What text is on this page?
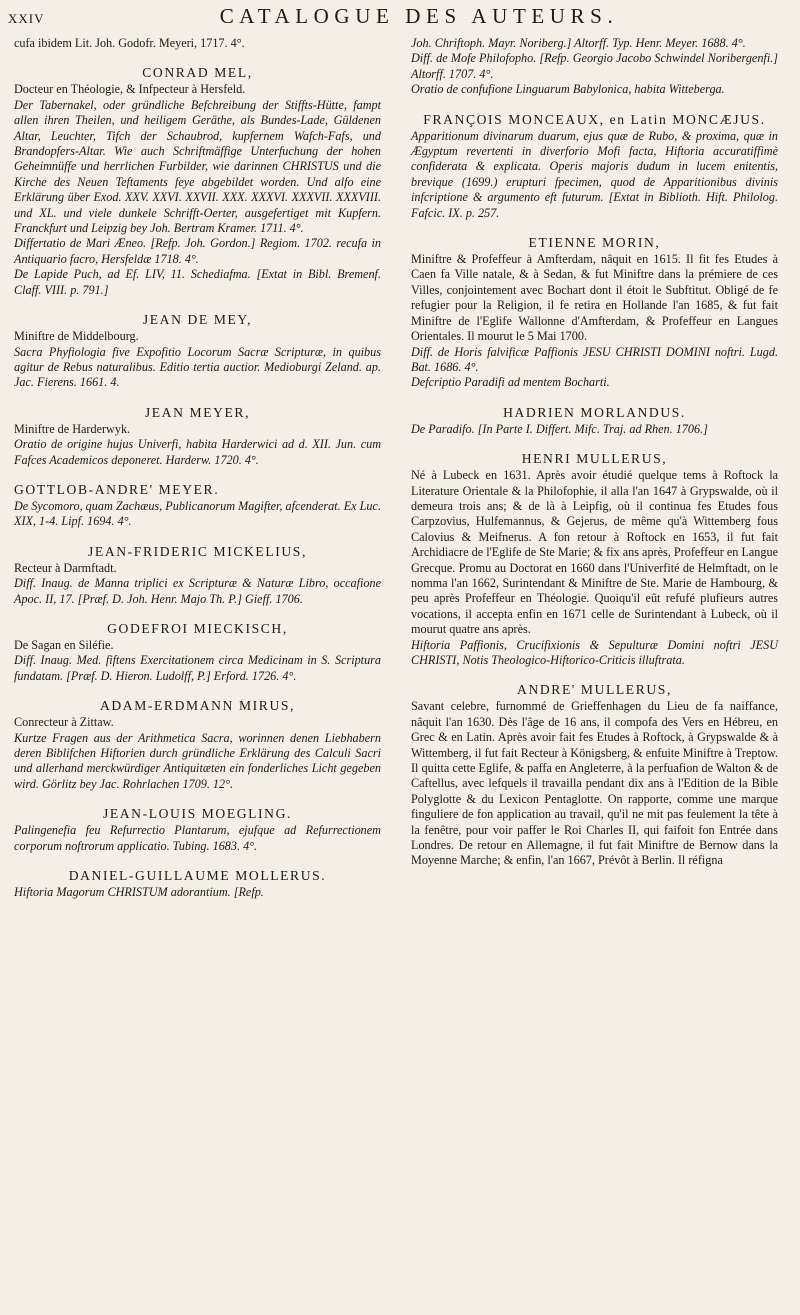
XXIV	CATALOGUE DES AUTEURS.

cufa ibidem Lit. Joh. Godofr. Meyeri, 1717. 4°.

CONRAD MEL,

Docteur en Théologie, & Infpecteur à Hersfeld.

Der Tabernakel, oder gründliche Befchreibung der Stiffts-Hütte, fampt allen ihren Theilen, und heiligem Geräthe, als Bundes-Lade, Güldenen Altar, Leuchter, Tifch der Schaubrod, kupfernem Wafch-Fafs, und Brandopfers-Altar. Wie auch Schriftmäffige Unterfuchung der hohen Geheimnüffe und herrlichen Furbilder, wie darinnen CHRISTUS und die Kirche des Neuen Teftaments feye abgebildet worden. Und alfo eine Erklärung über Exod. XXV. XXVI. XXVII. XXX. XXXVI. XXXVII. XXXVIII. und XL. und viele dunkele Schrifft-Oerter, ausgefertiget mit Kupfern. Franckfurt und Leipzig bey Joh. Bertram Kramer. 1711. 4°.

Differtatio de Mari Æneo. [Refp. Joh. Gordon.] Regiom. 1702. recufa in Antiquario facro, Hersfeldæ 1718. 4°.

De Lapide Puch, ad Ef. LIV, 11. Schediafma. [Extat in Bibl. Bremenf. Claff. VIII. p. 791.]

JEAN DE MEY,

Miniftre de Middelbourg.

Sacra Phyfiologia five Expofitio Locorum Sacræ Scripturæ, in quibus agitur de Rebus naturalibus. Editio tertia auctior. Medioburgi Zeland. ap. Jac. Fierens. 1661. 4.

JEAN MEYER,

Miniftre de Harderwyk.

Oratio de origine hujus Univerfi, habita Harderwici ad d. XII. Jun. cum Fafces Academicos deponeret. Harderw. 1720. 4°.

GOTTLOB-ANDRE' MEYER.

De Sycomoro, quam Zachæus, Publicanorum Magifter, afcenderat. Ex Luc. XIX, 1-4. Lipf. 1694. 4°.

JEAN-FRIDERIC MICKELIUS,

Recteur à Darmftadt.

Diff. Inaug. de Manna triplici ex Scripturæ & Naturæ Libro, occafione Apoc. II, 17. [Præf. D. Joh. Henr. Majo Th. P.] Gieff. 1706.

GODEFROI MIECKISCH,

De Sagan en Siléfie.

Diff. Inaug. Med. fiftens Exercitationem circa Medicinam in S. Scriptura fundatam. [Præf. D. Hieron. Ludolff, P.] Erford. 1726. 4°.

ADAM-ERDMANN MIRUS,

Conrecteur à Zittaw.

Kurtze Fragen aus der Arithmetica Sacra, worinnen denen Liebhabern deren Biblifchen Hiftorien durch gründliche Erklärung des Calculi Sacri und allerhand merckwürdiger Antiquitæten ein fonderliches Licht gegeben wird. Görlitz bey Jac. Rohrlachen 1709. 12°.

JEAN-LOUIS MOEGLING.

Palingenefia feu Refurrectio Plantarum, ejufque ad Refurrectionem corporum noftrorum applicatio. Tubing. 1683. 4°.

DANIEL-GUILLAUME MOLLERUS.

Hiftoria Magorum CHRISTUM adorantium. [Refp.

Joh. Chriftoph. Mayr. Noriberg.] Altorff. Typ. Henr. Meyer. 1688. 4°.

Diff. de Mofe Philofopho. [Refp. Georgio Jacobo Schwindel Noribergenfi.] Altorff. 1707. 4°.

Oratio de confufione Linguarum Babylonica, habita Witteberga.

FRANÇOIS MONCEAUX, en Latin MONCÆJUS.

Apparitionum divinarum duarum, ejus quæ de Rubo, & proxima, quæ in Ægyptum revertenti in diverforio Mofi facta, Hiftoria accuratiffimè confiderata & explicata. Operis majoris dudum in lucem enitentis, brevique (1699.) erupturi fpecimen, quod de Apparitionibus divinis infcriptione & argumento eft futurum. [Extat in Biblioth. Hift. Philolog. Fafcic. IX. p. 257.

ETIENNE MORIN,

Miniftre & Profeffeur à Amfterdam, nâquit en 1615. Il fit fes Etudes à Caen fa Ville natale, & à Sedan, & fut Miniftre dans la prémiere de ces Villes, conjointement avec Bochart dont il étoit le Subftitut. Obligé de fe refugier pour la Religion, il fe retira en Hollande l'an 1685, & fut fait Miniftre de l'Eglife Wallonne d'Amfterdam, & Profeffeur en Langues Orientales. Il mourut le 5 Mai 1700.

Diff. de Horis falvificæ Paffionis JESU CHRISTI DOMINI noftri. Lugd. Bat. 1686. 4°.

Defcriptio Paradifi ad mentem Bocharti.

HADRIEN MORLANDUS.

De Paradifo. [In Parte I. Differt. Mifc. Traj. ad Rhen. 1706.]

HENRI MULLERUS,

Né à Lubeck en 1631. Après avoir étudié quelque tems à Roftock la Literature Orientale & la Philofophie, il alla l'an 1647 à Grypswalde, où il demeura trois ans; & de là à Leipfig, où il continua fes Etudes fous Carpzovius, Hulfemannus, & Gejerus, de même qu'à Wittemberg fous Calovius & Meifnerus. A fon retour à Roftock en 1653, il fut fait Archidiacre de l'Eglife de Ste Marie; & fix ans après, Profeffeur en Langue Grecque. Promu au Doctorat en 1660 dans l'Univerfité de Helmftadt, on le nomma l'an 1662, Surintendant & Miniftre de Ste. Marie de Hambourg, & peu après Profeffeur en Théologie. Quoiqu'il eût refufé plufieurs autres vocations, il accepta enfin en 1671 celle de Surintendant à Lubeck, où il mourut quatre ans après.

Hiftoria Paffionis, Crucifixionis & Sepulturæ Domini noftri JESU CHRISTI, Notis Theologico-Hiftorico-Criticis illuftrata.

ANDRE' MULLERUS,

Savant celebre, furnommé de Grieffenhagen du Lieu de fa naiffance, nâquit l'an 1630. Dès l'âge de 16 ans, il compofa des Vers en Hébreu, en Grec & en Latin. Après avoir fait fes Etudes à Roftock, à Grypswalde & à Wittemberg, il fut fait Recteur à Königsberg, & enfuite Miniftre à Treptow. Il quitta cette Eglife, & paffa en Angleterre, à la perfuafion de Walton & de Caftellus, avec lefquels il travailla pendant dix ans à l'Edition de la Bible Polyglotte & du Lexicon Pentaglotte. On rapporte, comme une marque finguliere de fon application au travail, qu'il ne mit pas feulement la tête à la fenêtre, pour voir paffer le Roi Charles II, qui faifoit fon Entrée dans Londres. De retour en Allemagne, il fut fait Miniftre de Bernow dans la Moyenne Marche; & enfin, l'an 1667, Prévôt à Berlin. Il réfigna
